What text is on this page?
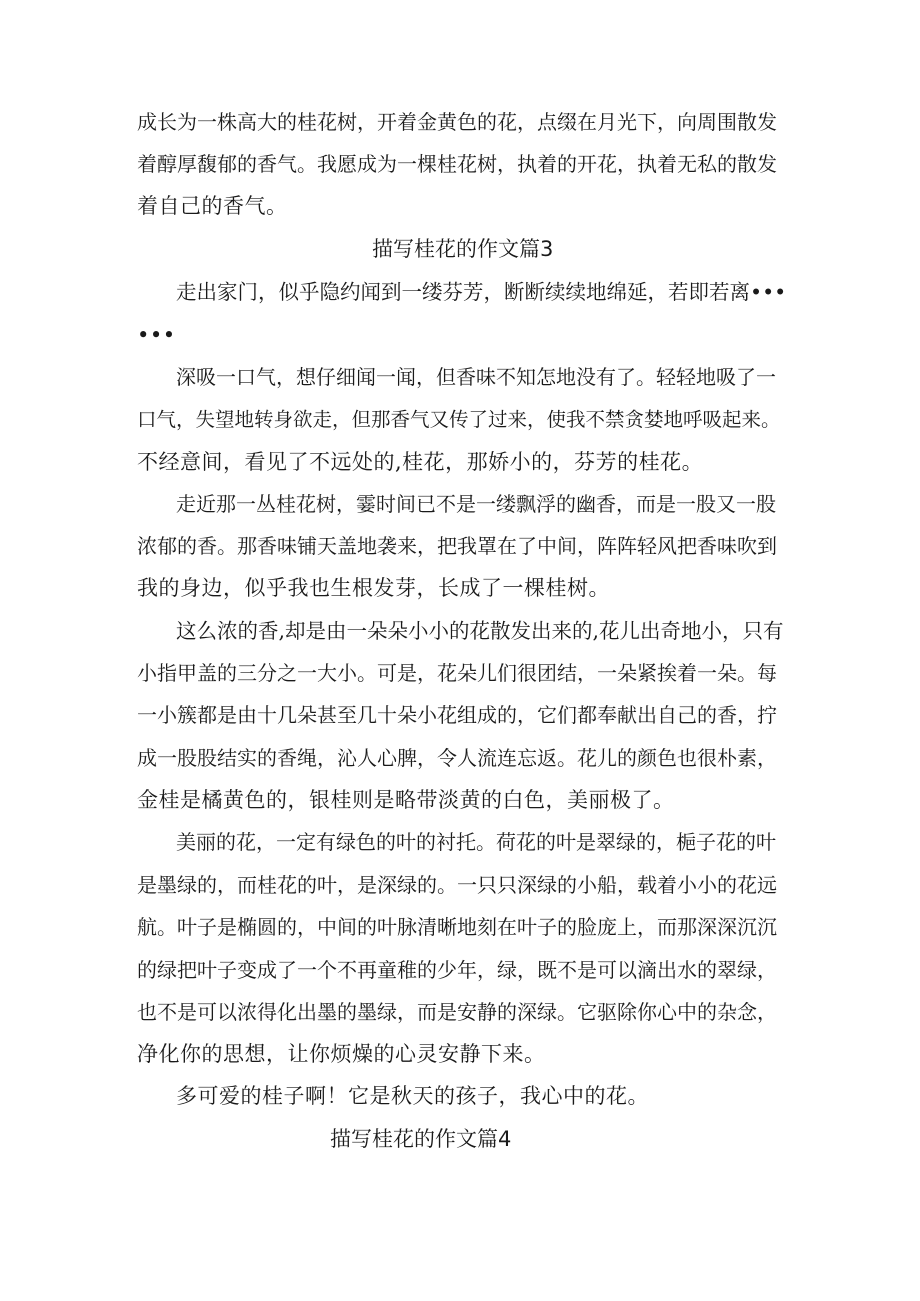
成长为一株高大的桂花树，开着金黄色的花，点缀在月光下，向周围散发
着醇厚馥郁的香气。我愿成为一棵桂花树，执着的开花，执着无私的散发
着自己的香气。
描写桂花的作文篇3
走出家门，似乎隐约闻到一缕芬芳，断断续续地绵延，若即若离•••
•••
深吸一口气，想仔细闻一闻，但香味不知怎地没有了。轻轻地吸了一
口气，失望地转身欲走，但那香气又传了过来，使我不禁贪婪地呼吸起来。
不经意间，看见了不远处的,桂花，那娇小的，芬芳的桂花。
走近那一丛桂花树，霎时间已不是一缕飘浮的幽香，而是一股又一股
浓郁的香。那香味铺天盖地袭来，把我罩在了中间，阵阵轻风把香味吹到
我的身边，似乎我也生根发芽，长成了一棵桂树。
这么浓的香,却是由一朵朵小小的花散发出来的,花儿出奇地小，只有
小指甲盖的三分之一大小。可是，花朵儿们很团结，一朵紧挨着一朵。每
一小簇都是由十几朵甚至几十朵小花组成的，它们都奉献出自己的香，拧
成一股股结实的香绳，沁人心脾，令人流连忘返。花儿的颜色也很朴素，
金桂是橘黄色的，银桂则是略带淡黄的白色，美丽极了。
美丽的花，一定有绿色的叶的衬托。荷花的叶是翠绿的，梔子花的叶
是墨绿的，而桂花的叶，是深绿的。一只只深绿的小船，载着小小的花远
航。叶子是椭圆的，中间的叶脉清晰地刻在叶子的脸庞上，而那深深沉沉
的绿把叶子变成了一个不再童稚的少年，绿，既不是可以滴出水的翠绿，
也不是可以浓得化出墨的墨绿，而是安静的深绿。它驱除你心中的杂念，
净化你的思想，让你烦燥的心灵安静下来。
多可爱的桂子啊！它是秋天的孩子，我心中的花。
描写桂花的作文篇4
